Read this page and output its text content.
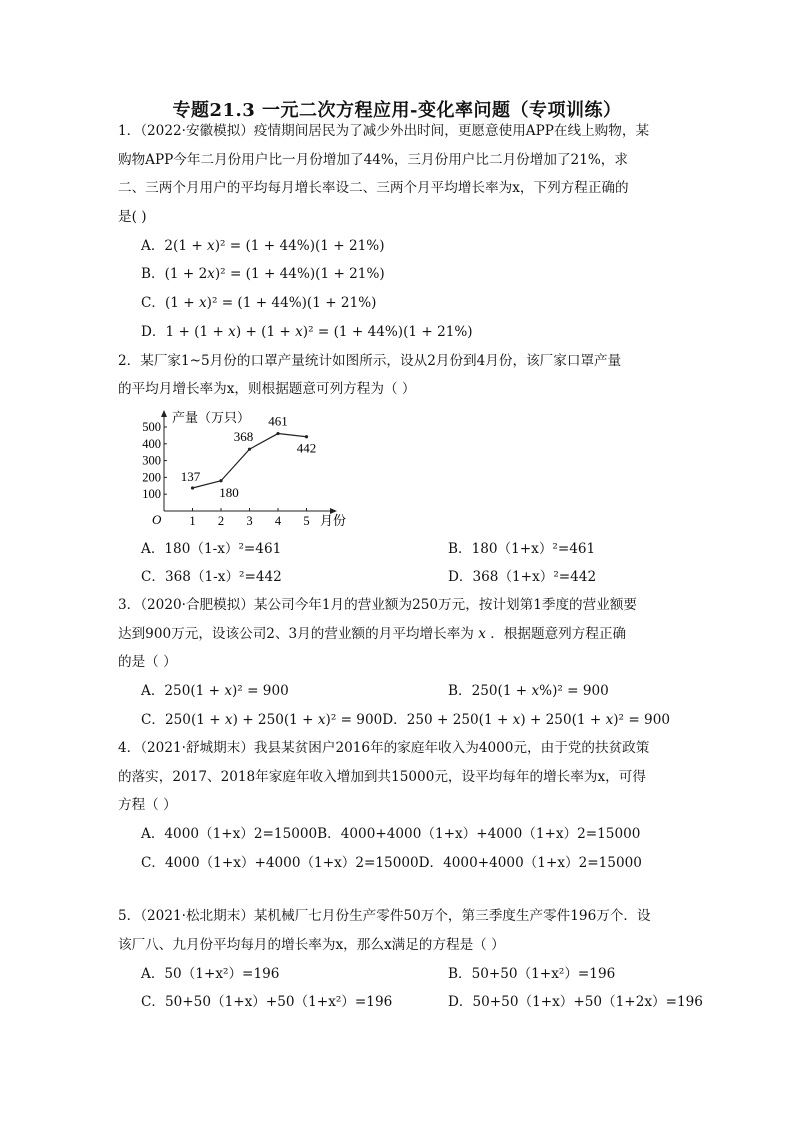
专题21.3 一元二次方程应用-变化率问题（专项训练）
1．（2022·安徽模拟）疫情期间居民为了减少外出时间，更愿意使用APP在线上购物，某
购物APP今年二月份用户比一月份增加了44%，三月份用户比二月份增加了21%，求
二、三两个月用户的平均每月增长率设二、三两个月平均增长率为x，下列方程正确的
是( )
A．2(1 + 𝑥)² = (1 + 44%)(1 + 21%)
B．(1 + 2𝑥)² = (1 + 44%)(1 + 21%)
C．(1 + 𝑥)² = (1 + 44%)(1 + 21%)
D．1 + (1 + 𝑥) + (1 + 𝑥)² = (1 + 44%)(1 + 21%)
2．某厂家1~5月份的口罩产量统计如图所示，设从2月份到4月份，该厂家口罩产量
的平均月增长率为x，则根据题意可列方程为（ ）
100
200
300
400
500
1 2 3 4 5
137
180
368
461
442
产量（万只）
月份
O
A．180（1-x）²=461	B．180（1+x）²=461
C．368（1-x）²=442	D．368（1+x）²=442
3．（2020·合肥模拟）某公司今年1月的营业额为250万元，按计划第1季度的营业额要
达到900万元，设该公司2、3月的营业额的月平均增长率为 𝑥 ．根据题意列方程正确
的是（ ）
A．250(1 + 𝑥)² = 900	B．250(1 + 𝑥%)² = 900
C．250(1 + 𝑥) + 250(1 + 𝑥)² = 900D．250 + 250(1 + 𝑥) + 250(1 + 𝑥)² = 900
4．（2021·舒城期末）我县某贫困户2016年的家庭年收入为4000元，由于党的扶贫政策
的落实，2017、2018年家庭年收入增加到共15000元，设平均每年的增长率为x，可得
方程（ ）
A．4000（1+x）2=15000B．4000+4000（1+x）+4000（1+x）2=15000
C．4000（1+x）+4000（1+x）2=15000D．4000+4000（1+x）2=15000
5．（2021·松北期末）某机械厂七月份生产零件50万个，第三季度生产零件196万个．设
该厂八、九月份平均每月的增长率为x，那么x满足的方程是（ ）
A．50（1+x²）=196	B．50+50（1+x²）=196
C．50+50（1+x）+50（1+x²）=196	D．50+50（1+x）+50（1+2x）=196
